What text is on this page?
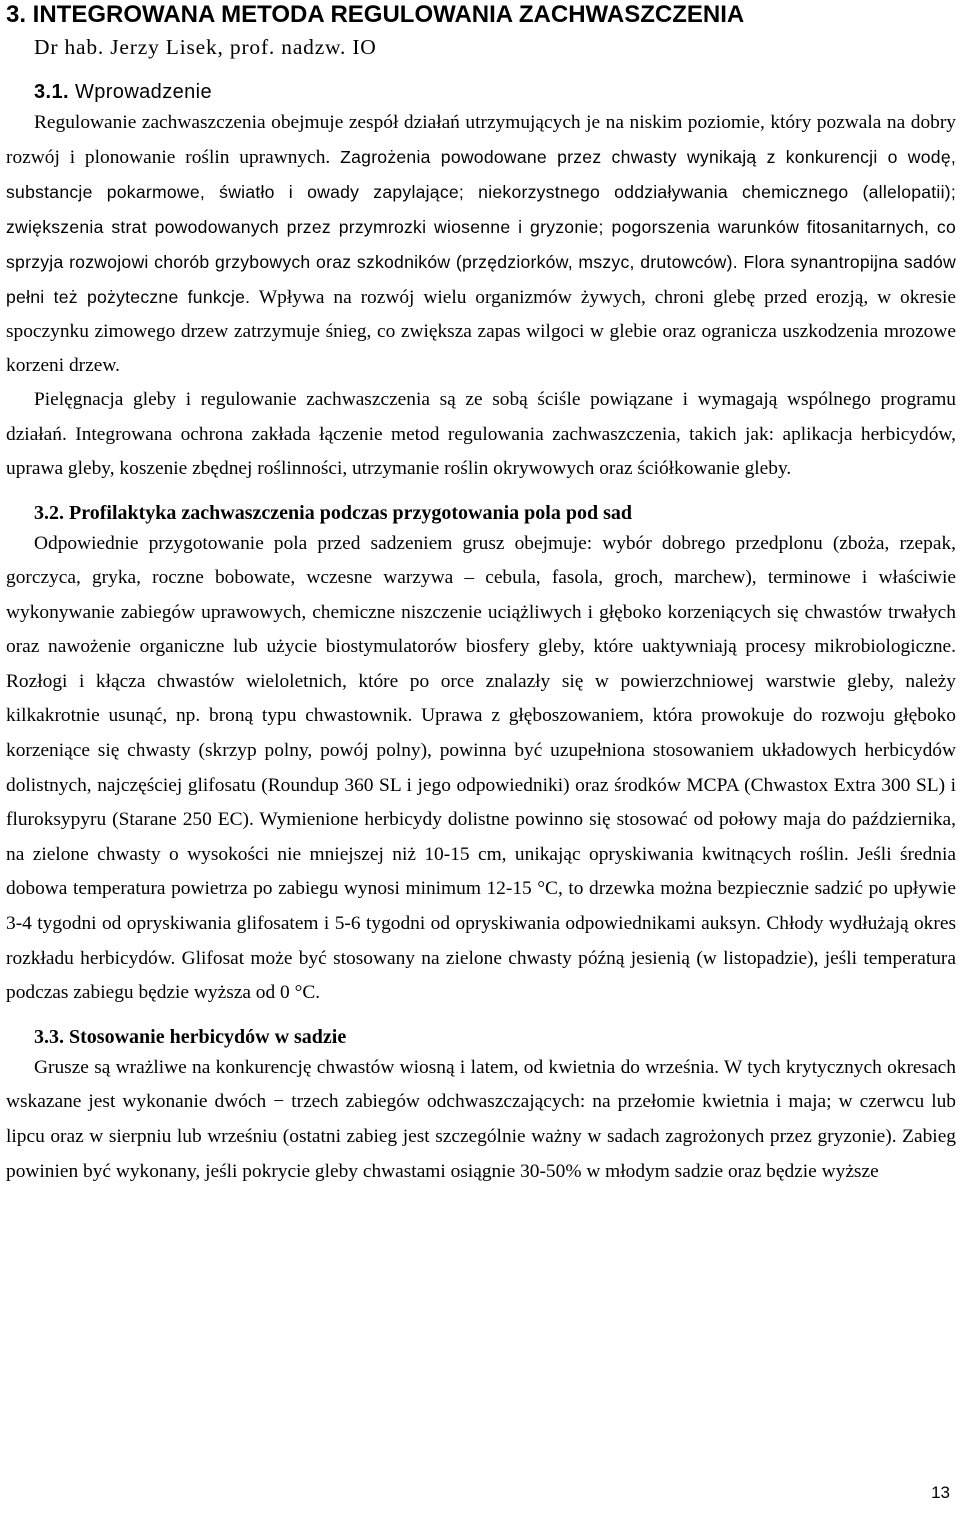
3. INTEGROWANA METODA REGULOWANIA ZACHWASZCZENIA

Dr hab. Jerzy Lisek, prof. nadzw. IO

3.1. Wprowadzenie

Regulowanie zachwaszczenia obejmuje zespół działań utrzymujących je na niskim poziomie, który pozwala na dobry rozwój i plonowanie roślin uprawnych. Zagrożenia powodowane przez chwasty wynikają z konkurencji o wodę, substancje pokarmowe, światło i owady zapylające; niekorzystnego oddziaływania chemicznego (allelopatii); zwiększenia strat powodowanych przez przymrozki wiosenne i gryzonie; pogorszenia warunków fitosanitarnych, co sprzyja rozwojowi chorób grzybowych oraz szkodników (przędziorków, mszyc, drutowców). Flora synantropijna sadów pełni też pożyteczne funkcje. Wpływa na rozwój wielu organizmów żywych, chroni glebę przed erozją, w okresie spoczynku zimowego drzew zatrzymuje śnieg, co zwiększa zapas wilgoci w glebie oraz ogranicza uszkodzenia mrozowe korzeni drzew.

Pielęgnacja gleby i regulowanie zachwaszczenia są ze sobą ściśle powiązane i wymagają wspólnego programu działań. Integrowana ochrona zakłada łączenie metod regulowania zachwaszczenia, takich jak: aplikacja herbicydów, uprawa gleby, koszenie zbędnej roślinności, utrzymanie roślin okrywowych oraz ściółkowanie gleby.

3.2. Profilaktyka zachwaszczenia podczas przygotowania pola pod sad

Odpowiednie przygotowanie pola przed sadzeniem grusz obejmuje: wybór dobrego przedplonu (zboża, rzepak, gorczyca, gryka, roczne bobowate, wczesne warzywa – cebula, fasola, groch, marchew), terminowe i właściwie wykonywanie zabiegów uprawowych, chemiczne niszczenie uciążliwych i głęboko korzeniących się chwastów trwałych oraz nawożenie organiczne lub użycie biostymulatorów biosfery gleby, które uaktywniają procesy mikrobiologiczne. Rozłogi i kłącza chwastów wieloletnich, które po orce znalazły się w powierzchniowej warstwie gleby, należy kilkakrotnie usunąć, np. broną typu chwastownik. Uprawa z głęboszowaniem, która prowokuje do rozwoju głęboko korzeniące się chwasty (skrzyp polny, powój polny), powinna być uzupełniona stosowaniem układowych herbicydów dolistnych, najczęściej glifosatu (Roundup 360 SL i jego odpowiedniki) oraz środków MCPA (Chwastox Extra 300 SL) i fluroksypyru (Starane 250 EC). Wymienione herbicydy dolistne powinno się stosować od połowy maja do października, na zielone chwasty o wysokości nie mniejszej niż 10-15 cm, unikając opryskiwania kwitnących roślin. Jeśli średnia dobowa temperatura powietrza po zabiegu wynosi minimum 12-15 °C, to drzewka można bezpiecznie sadzić po upływie 3-4 tygodni od opryskiwania glifosatem i 5-6 tygodni od opryskiwania odpowiednikami auksyn. Chłody wydłużają okres rozkładu herbicydów. Glifosat może być stosowany na zielone chwasty późną jesienią (w listopadzie), jeśli temperatura podczas zabiegu będzie wyższa od 0 °C.

3.3. Stosowanie herbicydów w sadzie

Grusze są wrażliwe na konkurencję chwastów wiosną i latem, od kwietnia do września. W tych krytycznych okresach wskazane jest wykonanie dwóch − trzech zabiegów odchwaszczających: na przełomie kwietnia i maja; w czerwcu lub lipcu oraz w sierpniu lub wrześniu (ostatni zabieg jest szczególnie ważny w sadach zagrożonych przez gryzonie). Zabieg powinien być wykonany, jeśli pokrycie gleby chwastami osiągnie 30-50% w młodym sadzie oraz będzie wyższe

13
